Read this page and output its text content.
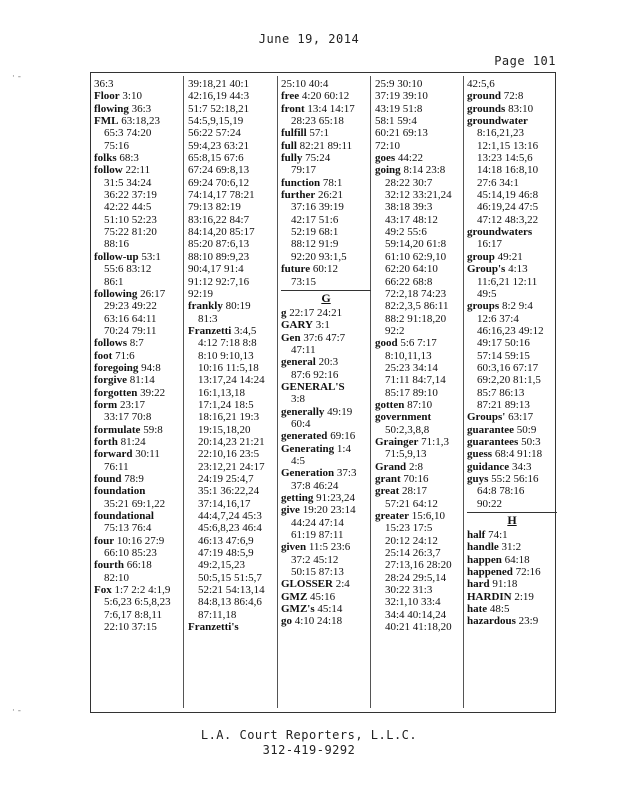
June 19, 2014
Page 101
36:3
Floor 3:10
flowing 36:3
FML 63:18,23
65:3 74:20
75:16
folks 68:3
follow 22:11
31:5 34:24
36:22 37:19
42:22 44:5
51:10 52:23
75:22 81:20
88:16
follow-up 53:1
55:6 83:12
86:1
following 26:17
29:23 49:22
63:16 64:11
70:24 79:11
follows 8:7
foot 71:6
foregoing 94:8
forgive 81:14
forgotten 39:22
form 23:17
33:17 70:8
formulate 59:8
forth 81:24
forward 30:11
76:11
found 78:9
foundation
35:21 69:1,22
foundational
75:13 76:4
four 10:16 27:9
66:10 85:23
fourth 66:18
82:10
Fox 1:7 2:2 4:1,9
5:6,23 6:5,8,23
7:6,17 8:8,11
22:10 37:15
39:18,21 40:1
42:16,19 44:3
51:7 52:18,21
54:5,9,15,19
56:22 57:24
59:4,23 63:21
65:8,15 67:6
67:24 69:8,13
69:24 70:6,12
74:14,17 78:21
79:13 82:19
83:16,22 84:7
84:14,20 85:17
85:20 87:6,13
88:10 89:9,23
90:4,17 91:4
91:12 92:7,16
92:19
frankly 80:19
81:3
Franzetti 3:4,5
4:12 7:18 8:8
8:10 9:10,13
10:16 11:5,18
13:17,24 14:24
16:1,13,18
17:1,24 18:5
18:16,21 19:3
19:15,18,20
20:14,23 21:21
22:10,16 23:5
23:12,21 24:17
24:19 25:4,7
35:1 36:22,24
37:14,16,17
44:4,7,24 45:3
45:6,8,23 46:4
46:13 47:6,9
47:19 48:5,9
49:2,15,23
50:5,15 51:5,7
52:21 54:13,14
84:8,13 86:4,6
87:11,18
Franzetti's
25:10 40:4
free 4:20 60:12
front 13:4 14:17
28:23 65:18
fulfill 57:1
full 82:21 89:11
fully 75:24
79:17
function 78:1
further 26:21
37:16 39:19
42:17 51:6
52:19 68:1
88:12 91:9
92:20 93:1,5
future 60:12
73:15
G
g 22:17 24:21
GARY 3:1
Gen 37:6 47:7
47:11
general 20:3
87:6 92:16
GENERAL'S
3:8
generally 49:19
60:4
generated 69:16
Generating 1:4
4:5
Generation 37:3
37:8 46:24
getting 91:23,24
give 19:20 23:14
44:24 47:14
61:19 87:11
given 11:5 23:6
37:2 45:12
50:15 87:13
GLOSSER 2:4
GMZ 45:16
GMZ's 45:14
go 4:10 24:18
25:9 30:10
37:19 39:10
43:19 51:8
58:1 59:4
60:21 69:13
72:10
goes 44:22
going 8:14 23:8
28:22 30:7
32:12 33:21,24
38:18 39:3
43:17 48:12
49:2 55:6
59:14,20 61:8
61:10 62:9,10
62:20 64:10
66:22 68:8
72:2,18 74:23
82:2,3,5 86:11
88:2 91:18,20
92:2
good 5:6 7:17
8:10,11,13
25:23 34:14
71:11 84:7,14
85:17 89:10
gotten 87:10
government
50:2,3,8,8
Grainger 71:1,3
71:5,9,13
Grand 2:8
grant 70:16
great 28:17
57:21 64:12
greater 15:6,10
15:23 17:5
20:12 24:12
25:14 26:3,7
27:13,16 28:20
28:24 29:5,14
30:22 31:3
32:1,10 33:4
34:4 40:14,24
40:21 41:18,20
42:5,6
ground 72:8
grounds 83:10
groundwater
8:16,21,23
12:1,15 13:16
13:23 14:5,6
14:18 16:8,10
27:6 34:1
45:14,19 46:8
46:19,24 47:5
47:12 48:3,22
groundwaters
16:17
group 49:21
Group's 4:13
11:6,21 12:11
49:5
groups 8:2 9:4
12:6 37:4
46:16,23 49:12
49:17 50:16
57:14 59:15
60:3,16 67:17
69:2,20 81:1,5
85:7 86:13
87:21 89:13
Groups' 63:17
guarantee 50:9
guarantees 50:3
guess 68:4 91:18
guidance 34:3
guys 55:2 56:16
64:8 78:16
90:22
H
half 74:1
handle 31:2
happen 64:18
happened 72:16
hard 91:18
HARDIN 2:19
hate 48:5
hazardous 23:9
L.A. Court Reporters, L.L.C.
312-419-9292
· -
· -
